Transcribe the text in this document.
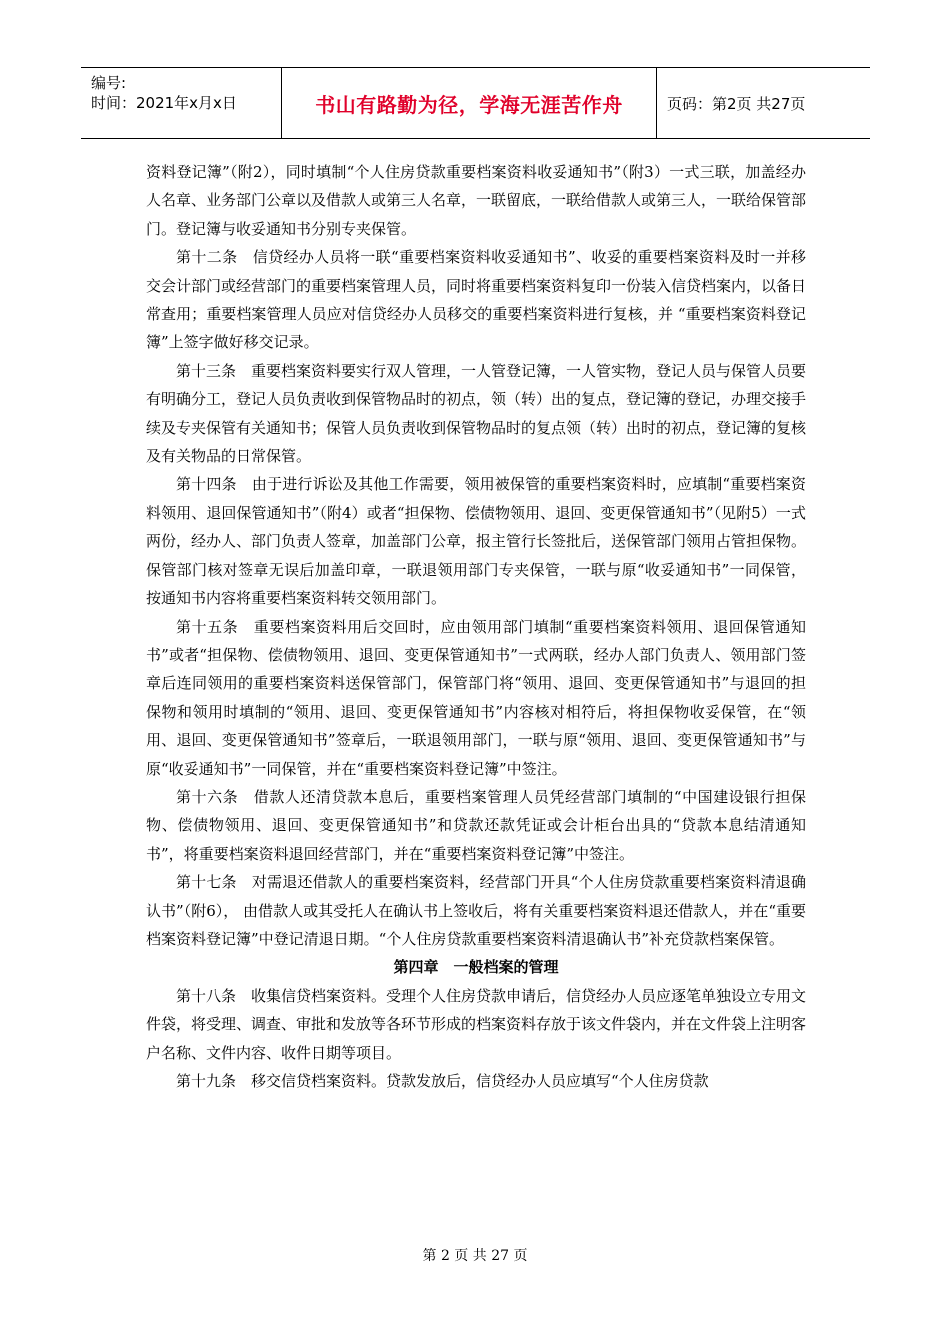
编号:
时间：2021年x月x日	书山有路勤为径，学海无涯苦作舟	页码：第2页 共27页

资料登记簿”（附2），同时填制“个人住房贷款重要档案资料收妥通知书”（附3）一式三联，加盖经办人名章、业务部门公章以及借款人或第三人名章，一联留底，一联给借款人或第三人，一联给保管部门。登记簿与收妥通知书分别专夹保管。

第十二条　信贷经办人员将一联“重要档案资料收妥通知书”、收妥的重要档案资料及时一并移交会计部门或经营部门的重要档案管理人员，同时将重要档案资料复印一份装入信贷档案内，以备日常查用；重要档案管理人员应对信贷经办人员移交的重要档案资料进行复核，并 “重要档案资料登记簿”上签字做好移交记录。

第十三条　重要档案资料要实行双人管理，一人管登记簿，一人管实物，登记人员与保管人员要有明确分工，登记人员负责收到保管物品时的初点，领（转）出的复点，登记簿的登记，办理交接手续及专夹保管有关通知书；保管人员负责收到保管物品时的复点领（转）出时的初点，登记簿的复核及有关物品的日常保管。

第十四条　由于进行诉讼及其他工作需要，领用被保管的重要档案资料时，应填制“重要档案资料领用、退回保管通知书”（附4）或者“担保物、偿债物领用、退回、变更保管通知书”（见附5）一式两份，经办人、部门负责人签章，加盖部门公章，报主管行长签批后，送保管部门领用占管担保物。保管部门核对签章无误后加盖印章，一联退领用部门专夹保管，一联与原“收妥通知书”一同保管，按通知书内容将重要档案资料转交领用部门。

第十五条　重要档案资料用后交回时，应由领用部门填制“重要档案资料领用、退回保管通知书”或者“担保物、偿债物领用、退回、变更保管通知书”一式两联，经办人部门负责人、领用部门签章后连同领用的重要档案资料送保管部门，保管部门将“领用、退回、变更保管通知书”与退回的担保物和领用时填制的“领用、退回、变更保管通知书”内容核对相符后，将担保物收妥保管，在“领用、退回、变更保管通知书”签章后，一联退领用部门，一联与原“领用、退回、变更保管通知书”与原“收妥通知书”一同保管，并在“重要档案资料登记簿”中签注。

第十六条　借款人还清贷款本息后，重要档案管理人员凭经营部门填制的“中国建设银行担保物、偿债物领用、退回、变更保管通知书”和贷款还款凭证或会计柜台出具的“贷款本息结清通知书”，将重要档案资料退回经营部门，并在“重要档案资料登记簿”中签注。

第十七条　对需退还借款人的重要档案资料，经营部门开具“个人住房贷款重要档案资料清退确认书”（附6）， 由借款人或其受托人在确认书上签收后，将有关重要档案资料退还借款人，并在“重要档案资料登记簿”中登记清退日期。“个人住房贷款重要档案资料清退确认书”补充贷款档案保管。

第四章　一般档案的管理

第十八条　收集信贷档案资料。受理个人住房贷款申请后，信贷经办人员应逐笔单独设立专用文件袋，将受理、调查、审批和发放等各环节形成的档案资料存放于该文件袋内，并在文件袋上注明客户名称、文件内容、收件日期等项目。

第十九条　移交信贷档案资料。贷款发放后，信贷经办人员应填写“个人住房贷款

第 2 页 共 27 页
